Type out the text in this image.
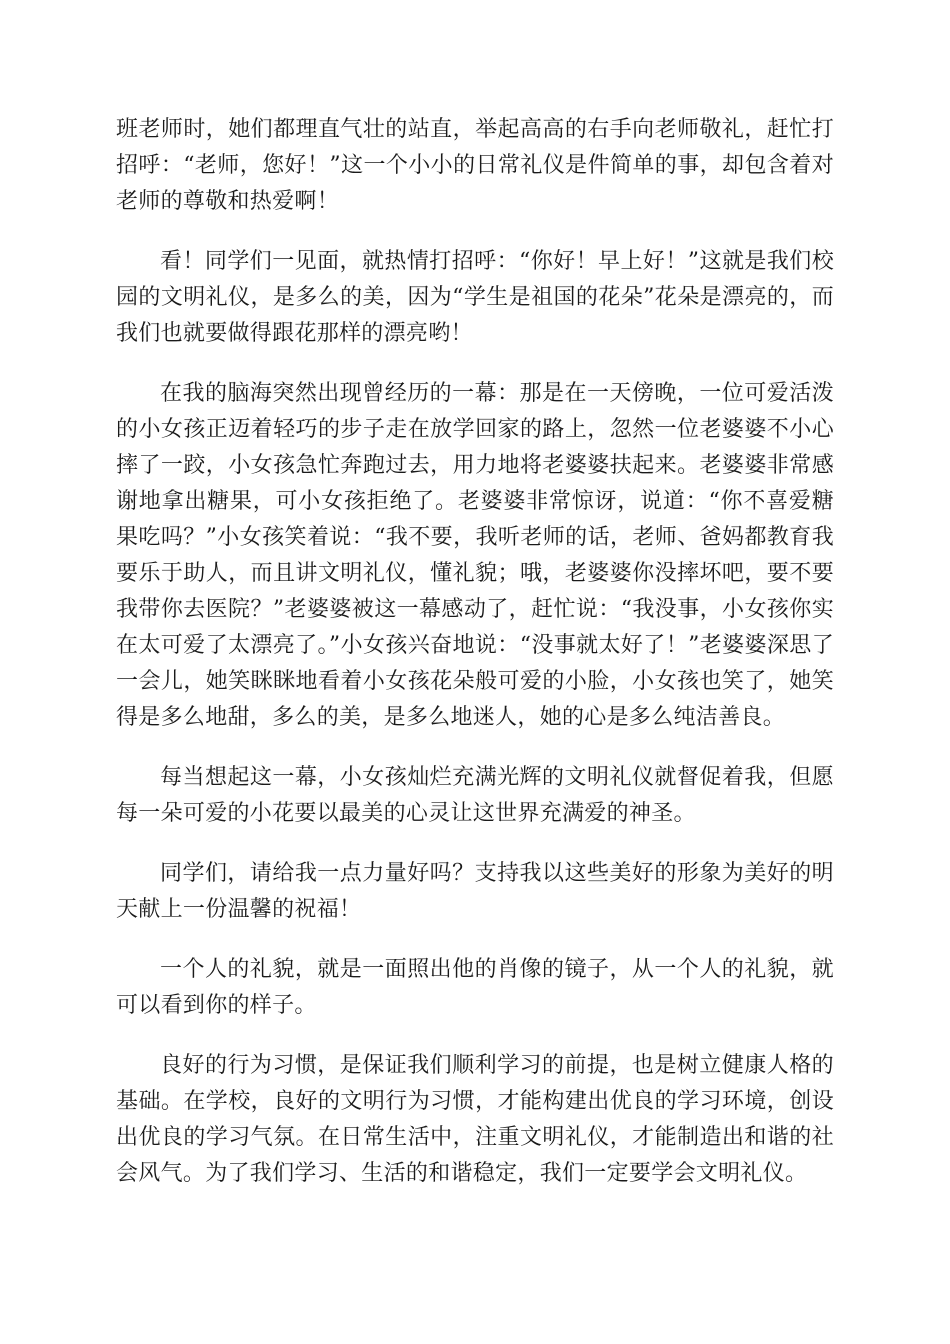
班老师时，她们都理直气壮的站直，举起高高的右手向老师敬礼，赶忙打招呼：“老师，您好！”这一个小小的日常礼仪是件简单的事，却包含着对老师的尊敬和热爱啊！

看！同学们一见面，就热情打招呼：“你好！早上好！”这就是我们校园的文明礼仪，是多么的美，因为“学生是祖国的花朵”花朵是漂亮的，而我们也就要做得跟花那样的漂亮哟！

在我的脑海突然出现曾经历的一幕：那是在一天傍晚，一位可爱活泼的小女孩正迈着轻巧的步子走在放学回家的路上，忽然一位老婆婆不小心摔了一跤，小女孩急忙奔跑过去，用力地将老婆婆扶起来。老婆婆非常感谢地拿出糖果，可小女孩拒绝了。老婆婆非常惊讶，说道：“你不喜爱糖果吃吗？”小女孩笑着说：“我不要，我听老师的话，老师、爸妈都教育我要乐于助人，而且讲文明礼仪，懂礼貌；哦，老婆婆你没摔坏吧，要不要我带你去医院？”老婆婆被这一幕感动了，赶忙说：“我没事，小女孩你实在太可爱了太漂亮了。”小女孩兴奋地说：“没事就太好了！”老婆婆深思了一会儿，她笑眯眯地看着小女孩花朵般可爱的小脸，小女孩也笑了，她笑得是多么地甜，多么的美，是多么地迷人，她的心是多么纯洁善良。

每当想起这一幕，小女孩灿烂充满光辉的文明礼仪就督促着我，但愿每一朵可爱的小花要以最美的心灵让这世界充满爱的神圣。

同学们，请给我一点力量好吗？支持我以这些美好的形象为美好的明天献上一份温馨的祝福！

一个人的礼貌，就是一面照出他的肖像的镜子，从一个人的礼貌，就可以看到你的样子。

良好的行为习惯，是保证我们顺利学习的前提，也是树立健康人格的基础。在学校，良好的文明行为习惯，才能构建出优良的学习环境，创设出优良的学习气氛。在日常生活中，注重文明礼仪，才能制造出和谐的社会风气。为了我们学习、生活的和谐稳定，我们一定要学会文明礼仪。
